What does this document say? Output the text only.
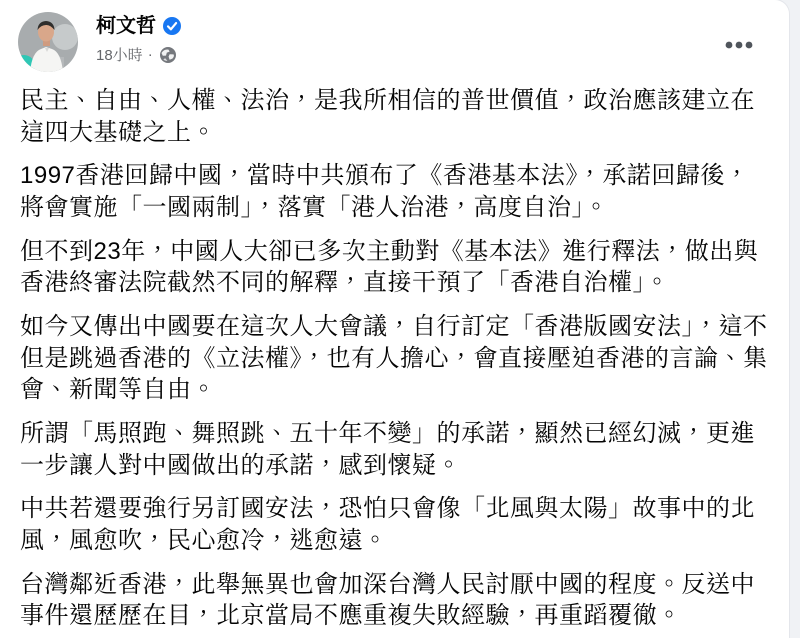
柯文哲
18小時 ·

民主、自由、人權、法治，是我所相信的普世價值，政治應該建立在這四大基礎之上。

1997香港回歸中國，當時中共頒布了《香港基本法》，承諾回歸後，將會實施「一國兩制」，落實「港人治港，高度自治」。

但不到23年，中國人大卻已多次主動對《基本法》進行釋法，做出與香港終審法院截然不同的解釋，直接干預了「香港自治權」。

如今又傳出中國要在這次人大會議，自行訂定「香港版國安法」，這不但是跳過香港的《立法權》，也有人擔心，會直接壓迫香港的言論、集會、新聞等自由。

所謂「馬照跑、舞照跳、五十年不變」的承諾，顯然已經幻滅，更進一步讓人對中國做出的承諾，感到懷疑。

中共若還要強行另訂國安法，恐怕只會像「北風與太陽」故事中的北風，風愈吹，民心愈冷，逃愈遠。

台灣鄰近香港，此舉無異也會加深台灣人民討厭中國的程度。反送中事件還歷歷在目，北京當局不應重複失敗經驗，再重蹈覆徹。
